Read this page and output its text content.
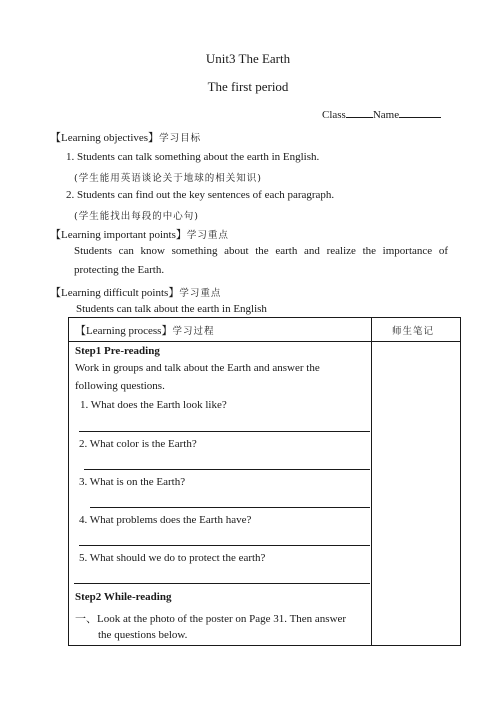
Unit3 The Earth
The first period
Class Name
【Learning objectives】学习目标
1. Students can talk something about the earth in English.
(学生能用英语谈论关于地球的相关知识)
2. Students can find out the key sentences of each paragraph.
(学生能找出每段的中心句)
【Learning important points】学习重点
Students can know something about the earth and realize the importance of
protecting the Earth.
【Learning difficult points】学习重点
Students can talk about the earth in English
【Learning process】学习过程	师生笔记
Step1 Pre-reading
Work in groups and talk about the Earth and answer the
following questions.
1. What does the Earth look like?
2. What color is the Earth?
3. What is on the Earth?
4. What problems does the Earth have?
5. What should we do to protect the earth?
Step2 While-reading
一、Look at the photo of the poster on Page 31. Then answer
the questions below.
